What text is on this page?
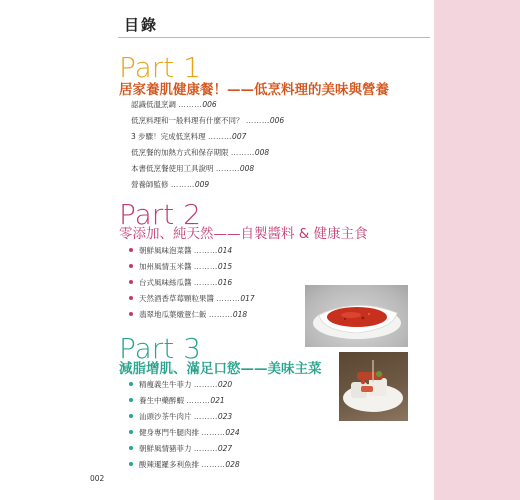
目錄
Part 1
居家養肌健康餐！——低烹料理的美味與營養
認識低溫烹調 ………006
低烹料理和一般料理有什麼不同？ ………006
3 步驟！完成低烹料理 ………007
低烹餐的加熱方式和保存期限 ………008
本書低烹餐使用工具說明 ………008
營養師監修 ………009
Part 2
零添加、純天然——自製醬料 & 健康主食
朝鮮風味泡菜醬 ………014
加州風情玉米醬 ………015
台式風味絲瓜醬 ………016
天然酒香草莓顆粒果醬 ………017
翡翠地瓜葉燉薏仁飯 ………018
Part 3
減脂增肌、滿足口慾——美味主菜
精瘦義生牛菲力 ………020
養生中藥醉蝦 ………021
汕頭沙茶牛肉片 ………023
健身專門牛腿肉排 ………024
朝鮮風情豬菲力 ………027
酸辣暹羅多利魚排 ………028
002
